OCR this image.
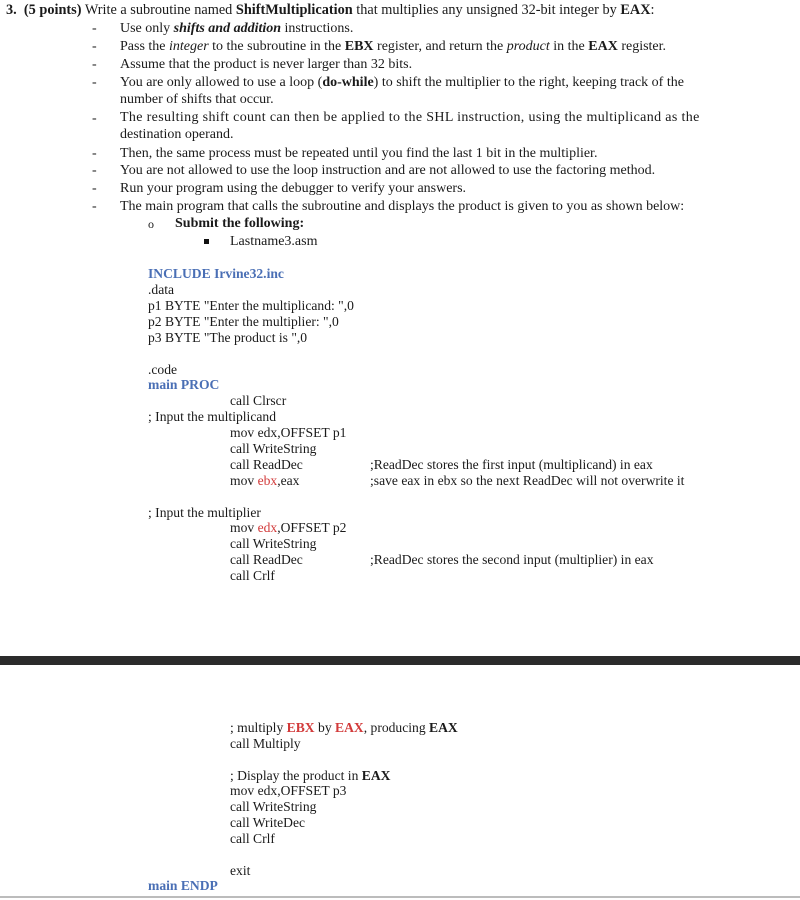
3. (5 points) Write a subroutine named ShiftMultiplication that multiplies any unsigned 32-bit integer by EAX:
- Use only shifts and addition instructions.
- Pass the integer to the subroutine in the EBX register, and return the product in the EAX register.
- Assume that the product is never larger than 32 bits.
- You are only allowed to use a loop (do-while) to shift the multiplier to the right, keeping track of the
number of shifts that occur.
- The resulting shift count can then be applied to the SHL instruction, using the multiplicand as the
destination operand.
- Then, the same process must be repeated until you find the last 1 bit in the multiplier.
- You are not allowed to use the loop instruction and are not allowed to use the factoring method.
- Run your program using the debugger to verify your answers.
- The main program that calls the subroutine and displays the product is given to you as shown below:
o Submit the following:
Lastname3.asm
INCLUDE Irvine32.inc
.data
p1 BYTE "Enter the multiplicand: ",0
p2 BYTE "Enter the multiplier: ",0
p3 BYTE "The product is ",0
.code
main PROC
call Clrscr
; Input the multiplicand
mov edx,OFFSET p1
call WriteString
call ReadDec	;ReadDec stores the first input (multiplicand) in eax
mov ebx,eax	;save eax in ebx so the next ReadDec will not overwrite it
; Input the multiplier
mov edx,OFFSET p2
call WriteString
call ReadDec	;ReadDec stores the second input (multiplier) in eax
call Crlf
; multiply EBX by EAX, producing EAX
call Multiply
; Display the product in EAX
mov edx,OFFSET p3
call WriteString
call WriteDec
call Crlf
exit
main ENDP
